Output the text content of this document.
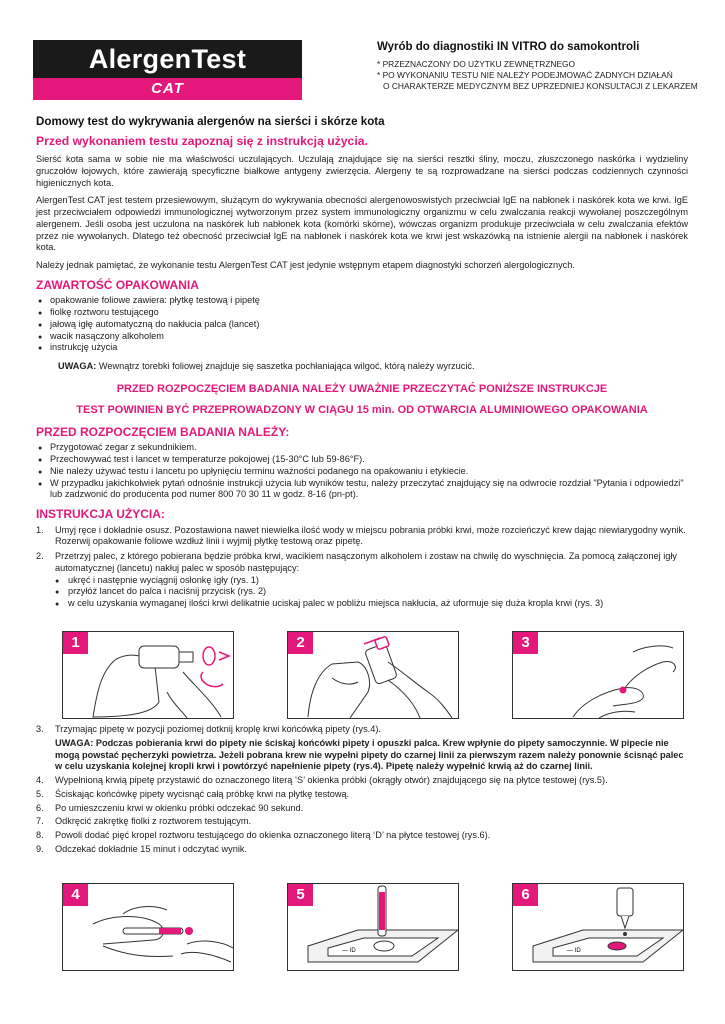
AlergenTest
CAT
Wyrób do diagnostiki IN VITRO do samokontroli

* PRZEZNACZONY DO UŻYTKU ZEWNĘTRZNEGO

* PO WYKONANIU TESTU NIE NALEŻY PODEJMOWAĆ ŻADNYCH DZIAŁAŃ

O CHARAKTERZE MEDYCZNYM BEZ UPRZEDNIEJ KONSULTACJI Z LEKARZEM

Domowy test do wykrywania alergenów na sierści i skórze kota
Przed wykonaniem testu zapoznaj się z instrukcją użycia.

Sierść kota sama w sobie nie ma właściwości uczulających. Uczulają znajdujące się na sierści resztki śliny, moczu, złuszczonego naskórka i wydzieliny gruczołów łojowych, które zawierają specyficzne białkowe antygeny zwierzęcia. Alergeny te są rozprowadzane na sierści podczas codziennych czynności higienicznych kota.

AlergenTest CAT jest testem przesiewowym, służącym do wykrywania obecności alergenowoswistych przeciwciał IgE na nabłonek i naskórek kota we krwi. IgE jest przeciwciałem odpowiedzi immunologicznej wytworzonym przez system immunologiczny organizmu w celu zwalczania reakcji wywołanej poszczególnym alergenem. Jeśli osoba jest uczulona na naskórek lub nabłonek kota (komórki skórne), wówczas organizm produkuje przeciwciała w celu zwalczania efektów przez nie wywołanych. Dlatego też obecność przeciwciał IgE na nabłonek i naskórek kota we krwi jest wskazówką na istnienie alergii na nabłonek i naskórek kota.

Należy jednak pamiętać, że wykonanie testu AlergenTest CAT jest jedynie wstępnym etapem diagnostyki schorzeń alergologicznych.

ZAWARTOŚĆ OPAKOWANIA
● opakowanie foliowe zawiera: płytkę testową i pipetę
● fiolkę roztworu testującego
● jałową igłę automatyczną do nakłucia palca (lancet)
● wacik nasączony alkoholem
● instrukcję użycia

UWAGA: Wewnątrz torebki foliowej znajduje się saszetka pochłaniająca wilgoć, którą należy wyrzucić.

PRZED ROZPOCZĘCIEM BADANIA NALEŻY UWAŻNIE PRZECZYTAĆ PONIŻSZE INSTRUKCJE
TEST POWINIEN BYĆ PRZEPROWADZONY W CIĄGU 15 min. OD OTWARCIA ALUMINIOWEGO OPAKOWANIA
PRZED ROZPOCZĘCIEM BADANIA NALEŻY:
● Przygotować zegar z sekundnikiem.
● Przechowywać test i lancet w temperaturze pokojowej (15-30°C lub 59-86°F).
● Nie należy używać testu i lancetu po upłynięciu terminu ważności podanego na opakowaniu i etykiecie.
● W przypadku jakichkolwiek pytań odnośnie instrukcji użycia lub wyników testu, należy przeczytać znajdujący się na odwrocie rozdział "Pytania i odpowiedzi" lub zadzwonić do producenta pod numer 800 70 30 11 w godz. 8-16 (pn-pt).
INSTRUKCJA UŻYCIA:
1. Umyj ręce i dokładnie osusz. Pozostawiona nawet niewielka ilość wody w miejscu pobrania próbki krwi, może rozcieńczyć krew dając niewiarygodny wynik. Rozerwij opakowanie foliowe wzdłuż linii i wyjmij płytkę testową oraz pipetę.
2. Przetrzyj palec, z którego pobierana będzie próbka krwi, wacikiem nasączonym alkoholem i zostaw na chwilę do wyschnięcia. Za pomocą załączonej igły automatycznej (lancetu) nakłuj palec w sposób następujący:
● ukręć i następnie wyciągnij osłonkę igły (rys. 1)
● przyłóż lancet do palca i naciśnij przycisk (rys. 2)
● w celu uzyskania wymaganej ilości krwi delikatnie uciskaj palec w pobliżu miejsca nakłucia, aż uformuje się duża kropla krwi (rys. 3)
1	2	3
3. Trzymając pipetę w pozycji poziomej dotknij kroplę krwi końcówką pipety (rys.4).
UWAGA: Podczas pobierania krwi do pipety nie ściskaj końcówki pipety i opuszki palca. Krew wpłynie do pipety samoczynnie. W pipecie nie mogą powstać pęcherzyki powietrza. Jeżeli pobrana krew nie wypełni pipety do czarnej linii za pierwszym razem należy ponownie ścisnąć palec w celu uzyskania kolejnej kropli krwi i powtórzyć napełnienie pipety (rys.4). Pipetę należy wypełnić krwią aż do czarnej linii.
4. Wypełnioną krwią pipetę przystawić do oznaczonego literą ‘S’ okienka próbki (okrągły otwór) znajdującego się na płytce testowej (rys.5).
5. Ściskając końcówkę pipety wycisnąć całą próbkę krwi na płytkę testową.
6. Po umieszczeniu krwi w okienku próbki odczekać 90 sekund.
7. Odkręcić zakrętkę fiolki z roztworem testującym.
8. Powoli dodać pięć kropel roztworu testującego do okienka oznaczonego literą ‘D’ na płytce testowej (rys.6).
9. Odczekać dokładnie 15 minut i odczytać wynik.
4	5
— ID
6
— ID
